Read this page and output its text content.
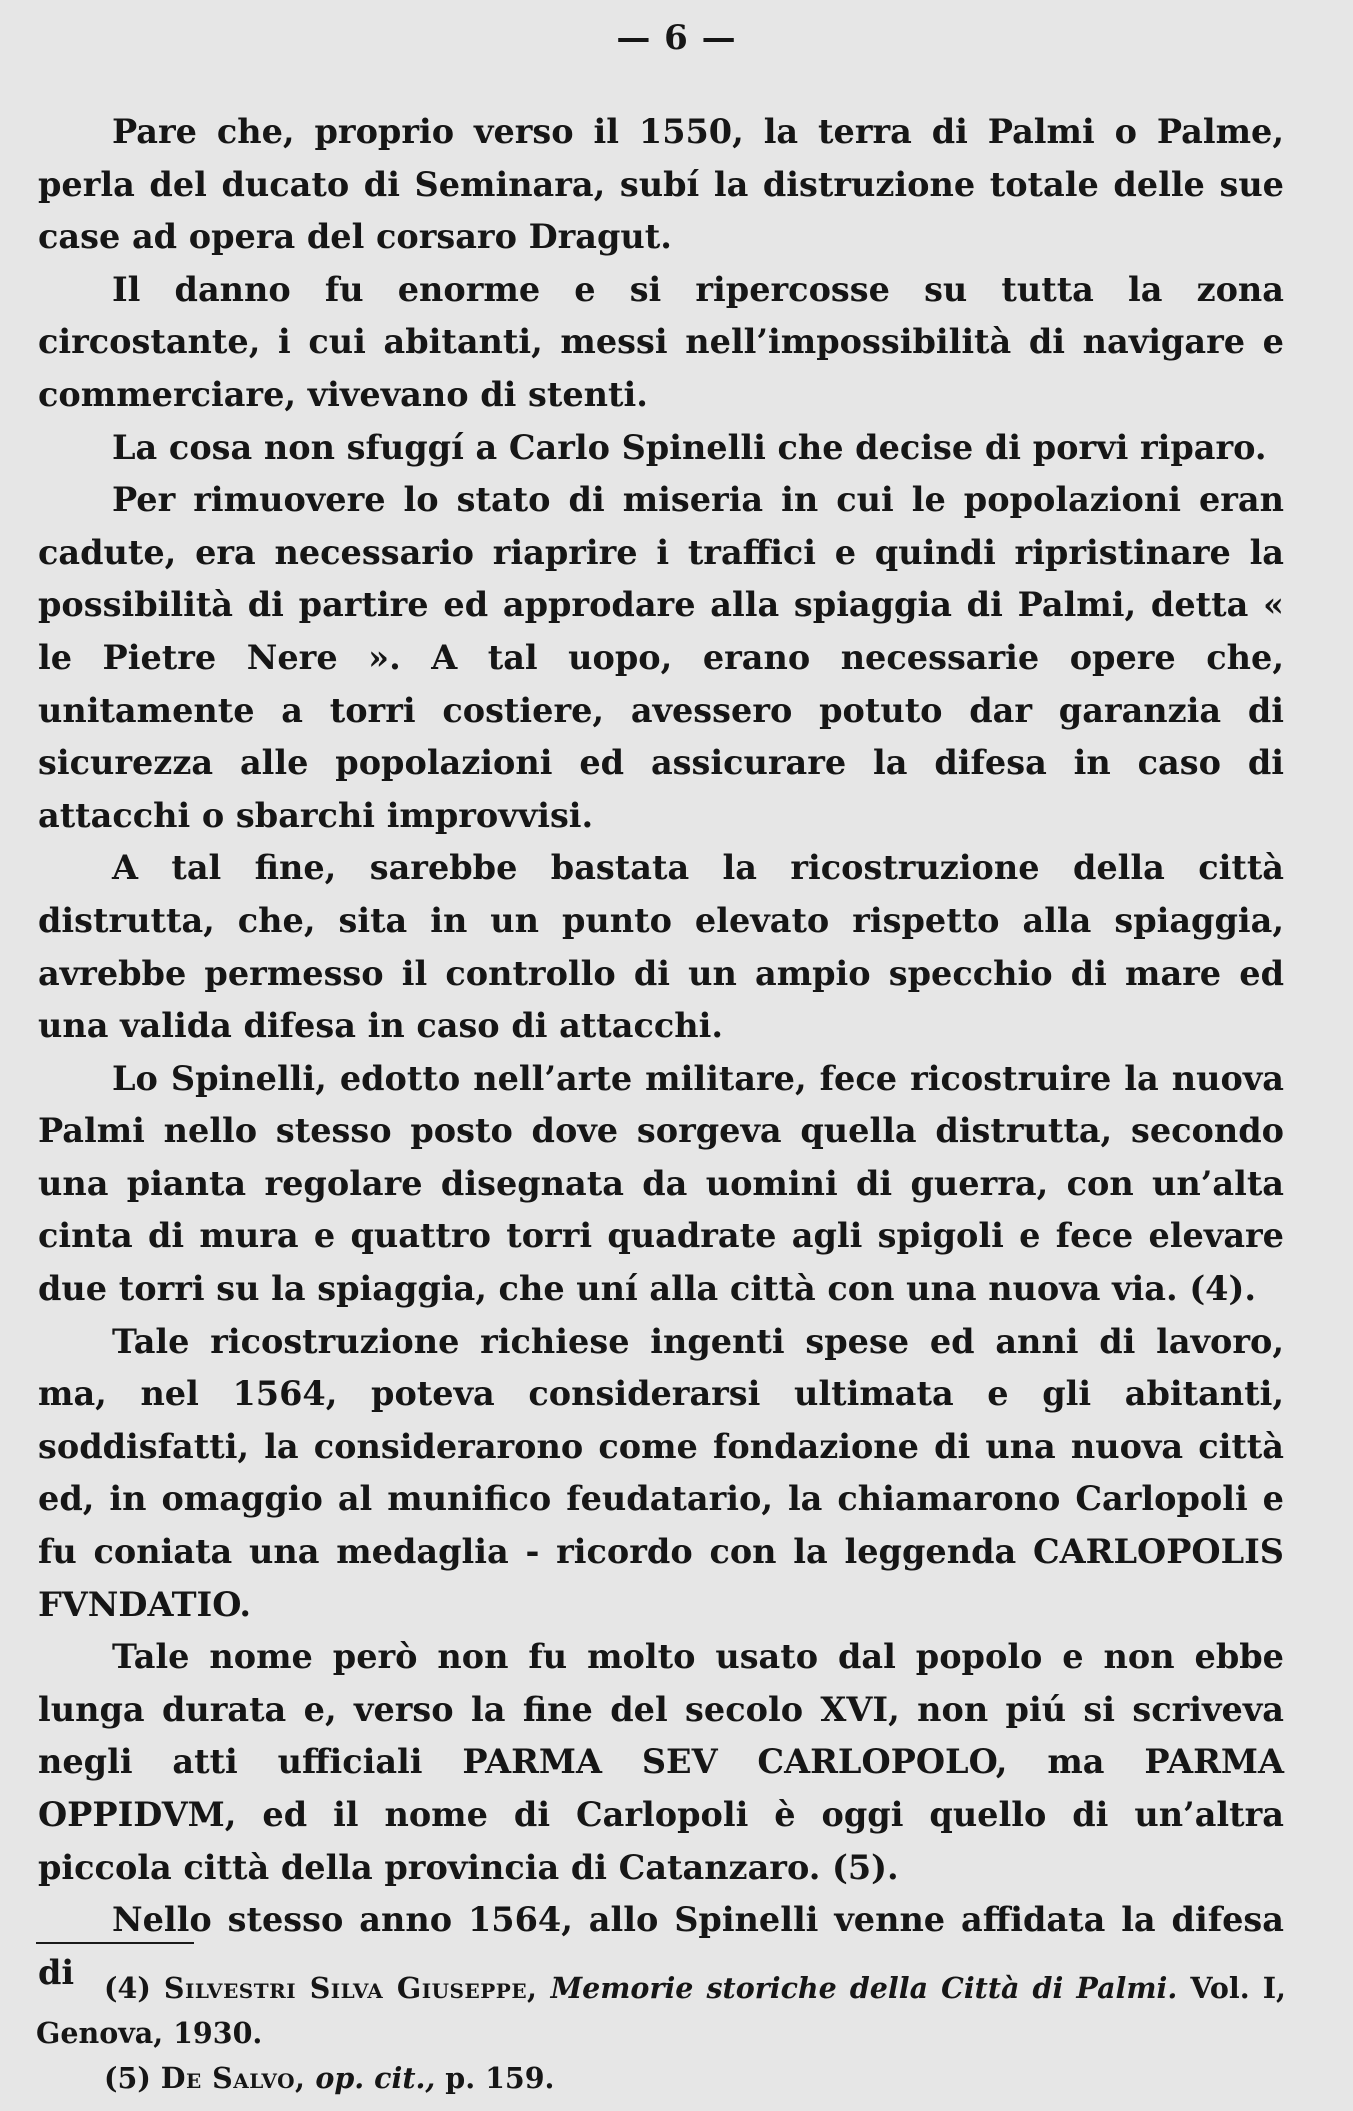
— 6 —

Pare che, proprio verso il 1550, la terra di Palmi o Palme, perla del ducato di Seminara, subí la distruzione totale delle sue case ad opera del corsaro Dragut.

Il danno fu enorme e si ripercosse su tutta la zona circostante, i cui abitanti, messi nell’impossibilità di navigare e commerciare, vivevano di stenti.

La cosa non sfuggí a Carlo Spinelli che decise di porvi riparo.

Per rimuovere lo stato di miseria in cui le popolazioni eran cadute, era necessario riaprire i traffici e quindi ripristinare la possibilità di partire ed approdare alla spiaggia di Palmi, detta « le Pietre Nere ». A tal uopo, erano necessarie opere che, unitamente a torri costiere, avessero potuto dar garanzia di sicurezza alle popolazioni ed assicurare la difesa in caso di attacchi o sbarchi improvvisi.

A tal fine, sarebbe bastata la ricostruzione della città distrutta, che, sita in un punto elevato rispetto alla spiaggia, avrebbe permesso il controllo di un ampio specchio di mare ed una valida difesa in caso di attacchi.

Lo Spinelli, edotto nell’arte militare, fece ricostruire la nuova Palmi nello stesso posto dove sorgeva quella distrutta, secondo una pianta regolare disegnata da uomini di guerra, con un’alta cinta di mura e quattro torri quadrate agli spigoli e fece elevare due torri su la spiaggia, che uní alla città con una nuova via. (4).

Tale ricostruzione richiese ingenti spese ed anni di lavoro, ma, nel 1564, poteva considerarsi ultimata e gli abitanti, soddisfatti, la considerarono come fondazione di una nuova città ed, in omaggio al munifico feudatario, la chiamarono Carlopoli e fu coniata una medaglia - ricordo con la leggenda CARLOPOLIS FVNDATIO.

Tale nome però non fu molto usato dal popolo e non ebbe lunga durata e, verso la fine del secolo XVI, non piú si scriveva negli atti ufficiali PARMA SEV CARLOPOLO, ma PARMA OPPIDVM, ed il nome di Carlopoli è oggi quello di un’altra piccola città della provincia di Catanzaro. (5).

Nello stesso anno 1564, allo Spinelli venne affidata la difesa di	(4) Silvestri Silva Giuseppe, Memorie storiche della Città di Palmi. Vol. I, Genova, 1930.

(5) De Salvo, op. cit., p. 159.
